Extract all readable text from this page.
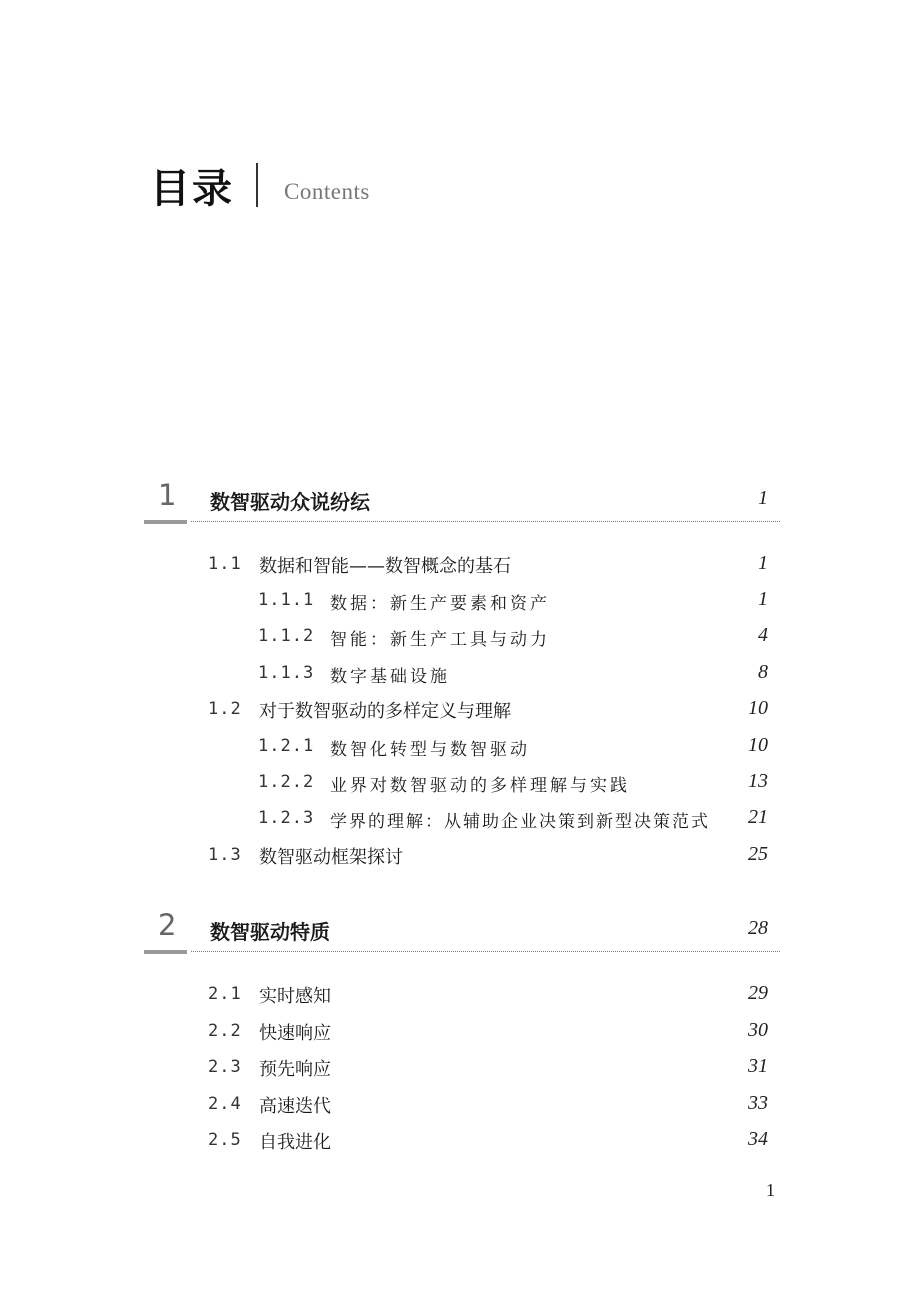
目录 Contents
1 数智驱动众说纷纭	1
1.1 数据和智能——数智概念的基石	1
1.1.1 数据：新生产要素和资产	1
1.1.2 智能：新生产工具与动力	4
1.1.3 数字基础设施	8
1.2 对于数智驱动的多样定义与理解	10
1.2.1 数智化转型与数智驱动	10
1.2.2 业界对数智驱动的多样理解与实践	13
1.2.3 学界的理解：从辅助企业决策到新型决策范式 21
1.3 数智驱动框架探讨	25
2 数智驱动特质	28
2.1 实时感知	29
2.2 快速响应	30
2.3 预先响应	31
2.4 高速迭代	33
2.5 自我进化	34
1
